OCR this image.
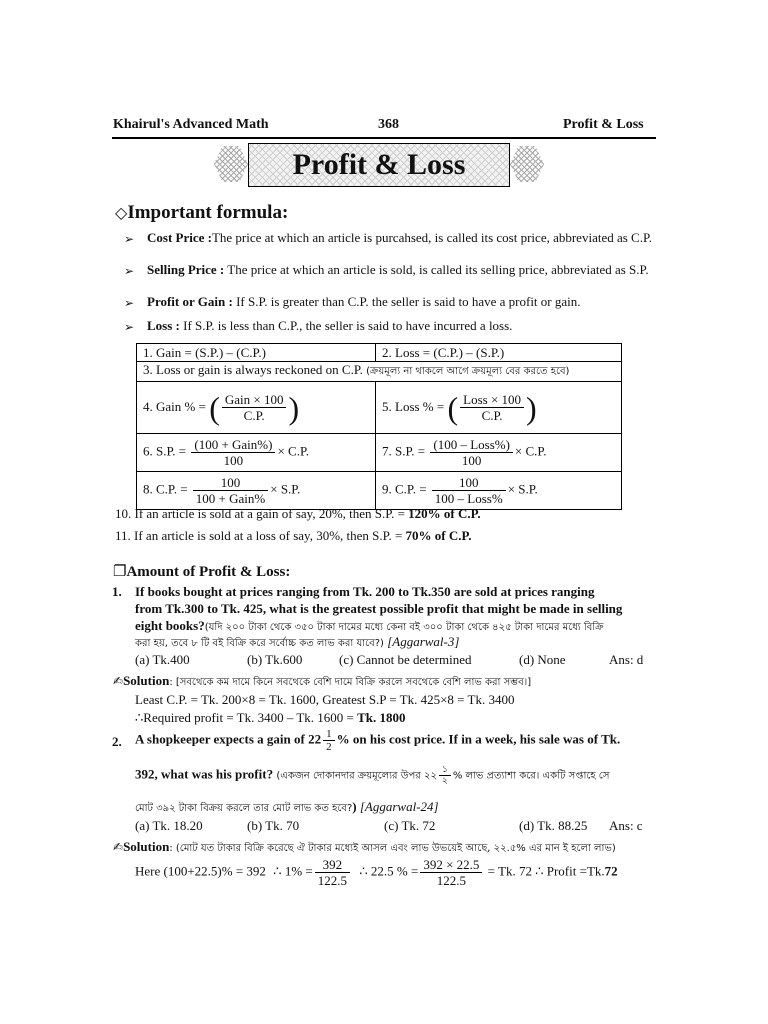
Khairul's Advanced Math	368	Profit & Loss
Profit & Loss
◇Important formula:
➢ Cost Price :The price at which an article is purcahsed, is called its cost price, abbreviated as C.P.
➢ Selling Price : The price at which an article is sold, is called its selling price, abbreviated as S.P.
➢ Profit or Gain : If S.P. is greater than C.P. the seller is said to have a profit or gain.
➢ Loss : If S.P. is less than C.P., the seller is said to have incurred a loss.
1. Gain = (S.P.) – (C.P.)	2. Loss = (C.P.) – (S.P.)
3. Loss or gain is always reckoned on C.P. (ক্রয়মূল্য না থাকলে আগে ক্রয়মূল্য বের করতে হবে)	
4. Gain % = ( $\frac{\text{Gain × 100}}{C.P.}$ )	5. Loss % = ( $\frac{\text{Loss × 100}}{C.P.}$ )
6. S.P. = $\frac{\text{(100 + Gain\%)}}{100} \times C.P$.	7. S.P. = $\frac{\text{(100 – Loss\%)}}{100} \times C.P$.
8. C.P. = $\frac{100}{\text{100 + Gain\%}} \times S.P$.	9. C.P. = $\frac{100}{\text{100 – Loss\%}} \times S.P$.
10. If an article is sold at a gain of say, 20%, then S.P. = 120% of C.P.
11. If an article is sold at a loss of say, 30%, then S.P. = 70% of C.P.
❐Amount of Profit & Loss:
1. If books bought at prices ranging from Tk. 200 to Tk.350 are sold at prices ranging
from Tk.300 to Tk. 425, what is the greatest possible profit that might be made in selling
eight books?(যদি ২০০ টাকা থেকে ৩৫০ টাকা দামের মধ্যে কেনা বই ৩০০ টাকা থেকে ৪২৫ টাকা দামের মধ্যে বিক্রি
করা হয়, তবে ৮ টি বই বিক্রি করে সর্বোচ্চ কত লাভ করা যাবে?) [Aggarwal-3]
(a) Tk.400	(b) Tk.600	(c) Cannot be determined	(d) None	Ans: d
✍Solution: [সবথেকে কম দামে কিনে সবথেকে বেশি দামে বিক্রি করলে সবথেকে বেশি লাভ করা সম্ভব।]
Least C.P. = Tk. 200×8 = Tk. 1600, Greatest S.P = Tk. 425×8 = Tk. 3400
∴Required profit = Tk. 3400 – Tk. 1600 = Tk. 1800
2. A shopkeeper expects a gain of $22 \frac{1}{2}$ % on his cost price. If in a week, his sale was of Tk.
392, what was his profit? (একজন দোকানদার ক্রয়মূল্যের উপর ২২ $\frac{১}{২}$ % লাভ প্রত্যাশা করে। একটি সপ্তাহে সে
মোট ৩৯২ টাকা বিক্রয় করলে তার মোট লাভ কত হবে?) [Aggarwal-24]
(a) Tk. 18.20	(b) Tk. 70	(c) Tk. 72	(d) Tk. 88.25 Ans: c
✍Solution: (মোট যত টাকার বিক্রি করেছে ঐ টাকার মধ্যেই আসল এবং লাভ উভয়েই আছে, ২২.৫% এর মান ই হলো লাভ)
Here (100+22.5)% = 392  ∴ $1\% = \frac{392}{122.5}$ ∴ 22.5 % = $\frac{392 \times 22.5}{122.5} = Tk$. 72 ∴ Profit =Tk.72
